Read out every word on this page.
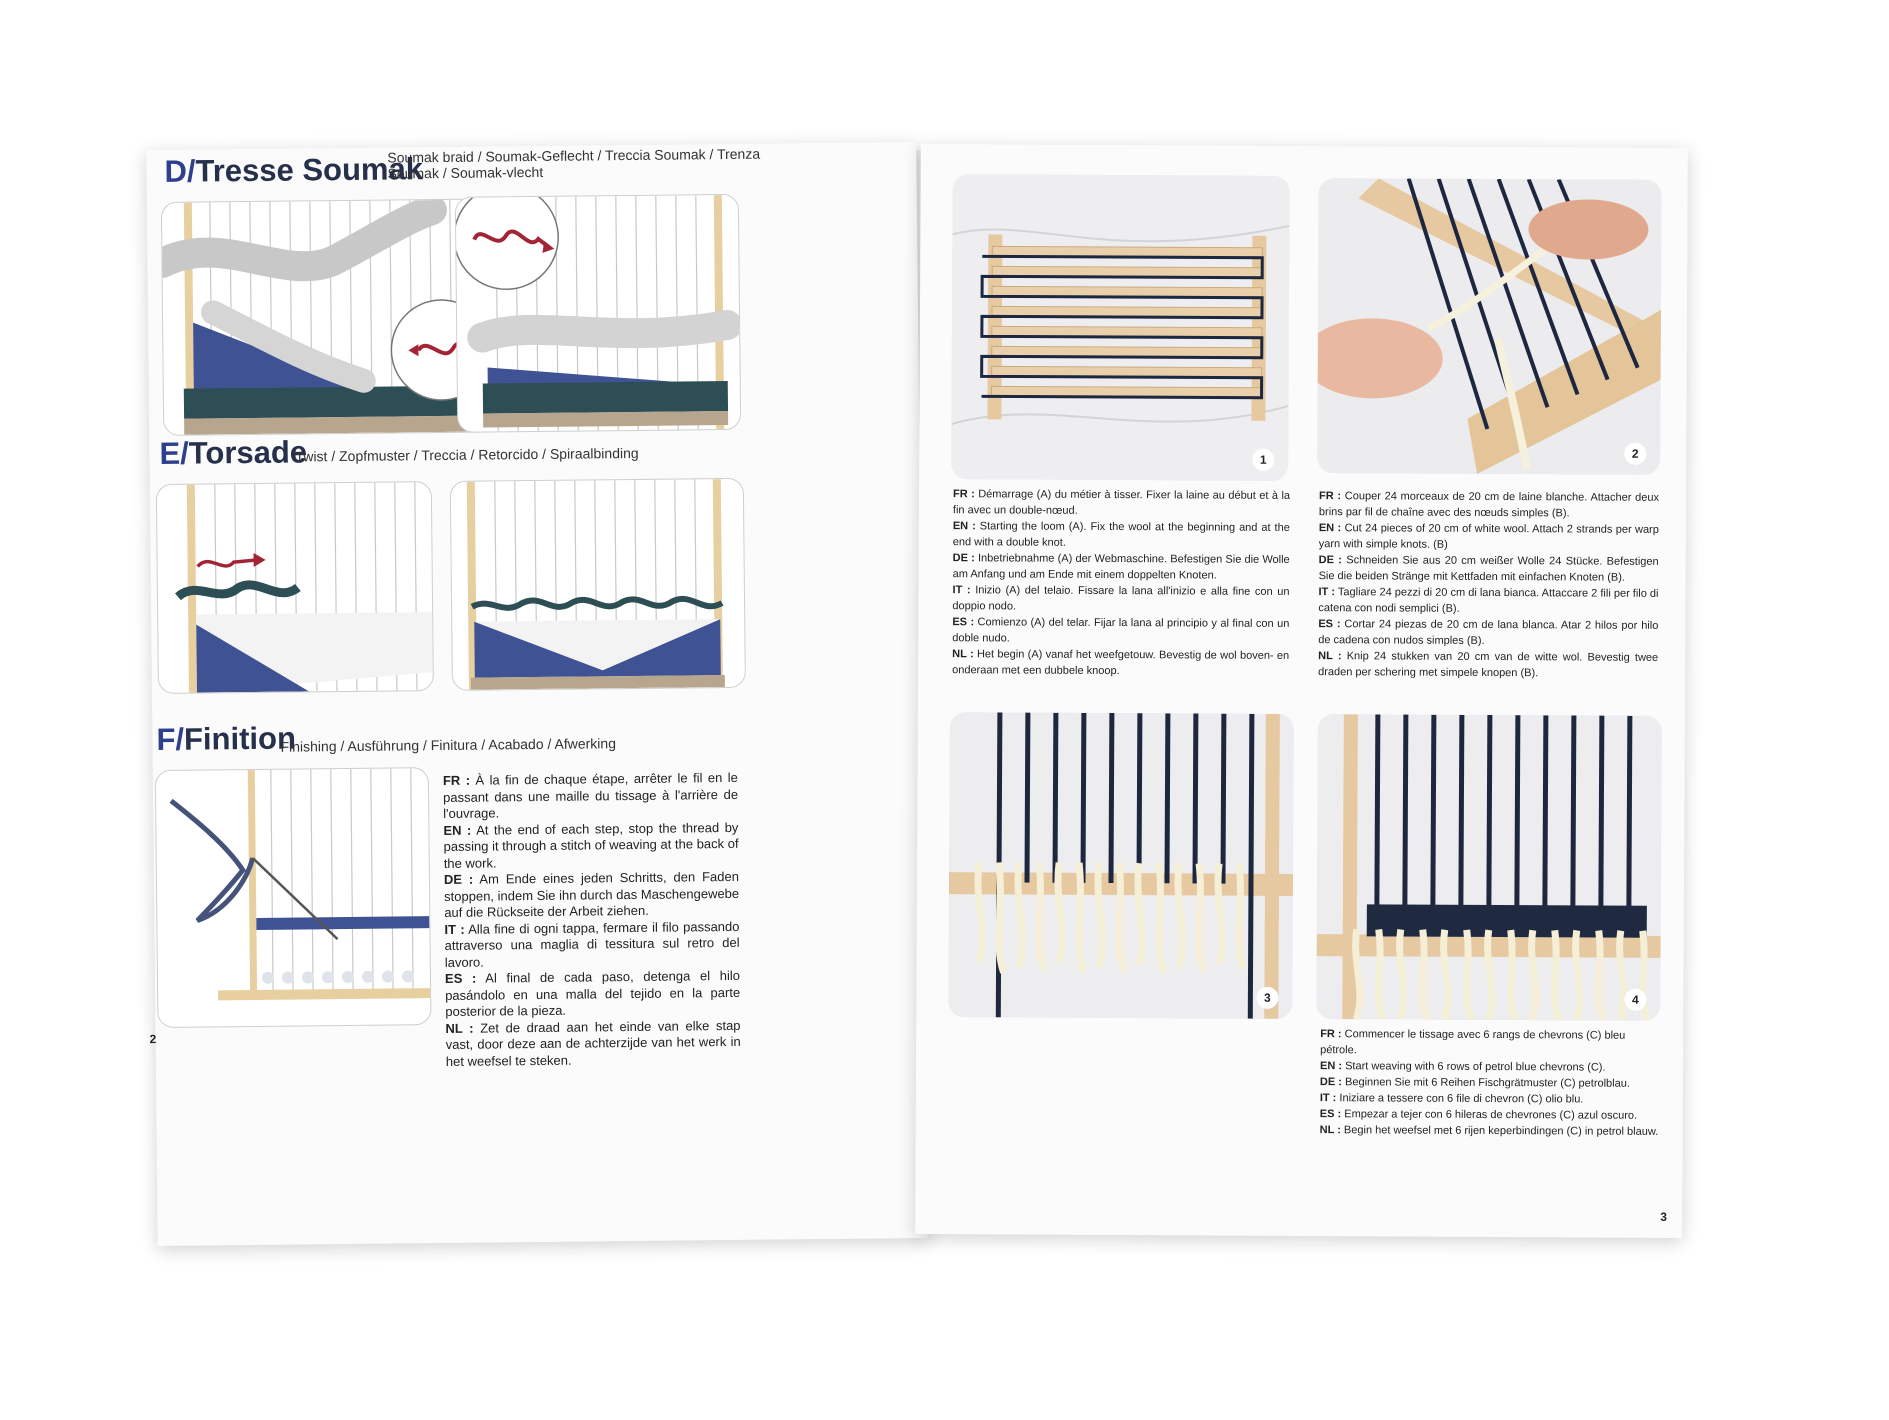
D/Tresse Soumak
Soumak braid / Soumak-Geflecht / Treccia Soumak / Trenza
Soumak / Soumak-vlecht
E/Torsade
Twist / Zopfmuster / Treccia / Retorcido / Spiraalbinding
F/Finition
Finishing / Ausführung / Finitura / Acabado / Afwerking

FR : À la fin de chaque étape, arrêter le fil en le passant dans une maille du tissage à l'arrière de l'ouvrage.

EN : At the end of each step, stop the thread by passing it through a stitch of weaving at the back of the work.

DE : Am Ende eines jeden Schritts, den Faden stoppen, indem Sie ihn durch das Maschengewebe auf die Rückseite der Arbeit ziehen.

IT : Alla fine di ogni tappa, fermare il filo passando attraverso una maglia di tessitura sul retro del lavoro.

ES : Al final de cada paso, detenga el hilo pasándolo en una malla del tejido en la parte posterior de la pieza.

NL : Zet de draad aan het einde van elke stap vast, door deze aan de achterzijde van het werk in het weefsel te steken.

2
1	2

FR : Démarrage (A) du métier à tisser. Fixer la laine au début et à la fin avec un double-nœud.

EN : Starting the loom (A). Fix the wool at the beginning and at the end with a double knot.

DE : Inbetriebnahme (A) der Webmaschine. Befestigen Sie die Wolle am Anfang und am Ende mit einem doppelten Knoten.

IT : Inizio (A) del telaio. Fissare la lana all'inizio e alla fine con un doppio nodo.

ES : Comienzo (A) del telar. Fijar la lana al principio y al final con un doble nudo.

NL : Het begin (A) vanaf het weefgetouw. Bevestig de wol boven- en onderaan met een dubbele knoop.

FR : Couper 24 morceaux de 20 cm de laine blanche. Attacher deux brins par fil de chaîne avec des nœuds simples (B).

EN : Cut 24 pieces of 20 cm of white wool. Attach 2 strands per warp yarn with simple knots. (B)

DE : Schneiden Sie aus 20 cm weißer Wolle 24 Stücke. Befestigen Sie die beiden Stränge mit Kettfaden mit einfachen Knoten (B).

IT : Tagliare 24 pezzi di 20 cm di lana bianca. Attaccare 2 fili per filo di catena con nodi semplici (B).

ES : Cortar 24 piezas de 20 cm de lana blanca. Atar 2 hilos por hilo de cadena con nudos simples (B).

NL : Knip 24 stukken van 20 cm van de witte wol. Bevestig twee draden per schering met simpele knopen (B).

3	4

FR : Commencer le tissage avec 6 rangs de chevrons (C) bleu pétrole.

EN : Start weaving with 6 rows of petrol blue chevrons (C).

DE : Beginnen Sie mit 6 Reihen Fischgrätmuster (C) petrolblau.

IT : Iniziare a tessere con 6 file di chevron (C) olio blu.

ES : Empezar a tejer con 6 hileras de chevrones (C) azul oscuro.

NL : Begin het weefsel met 6 rijen keperbindingen (C) in petrol blauw.

3
